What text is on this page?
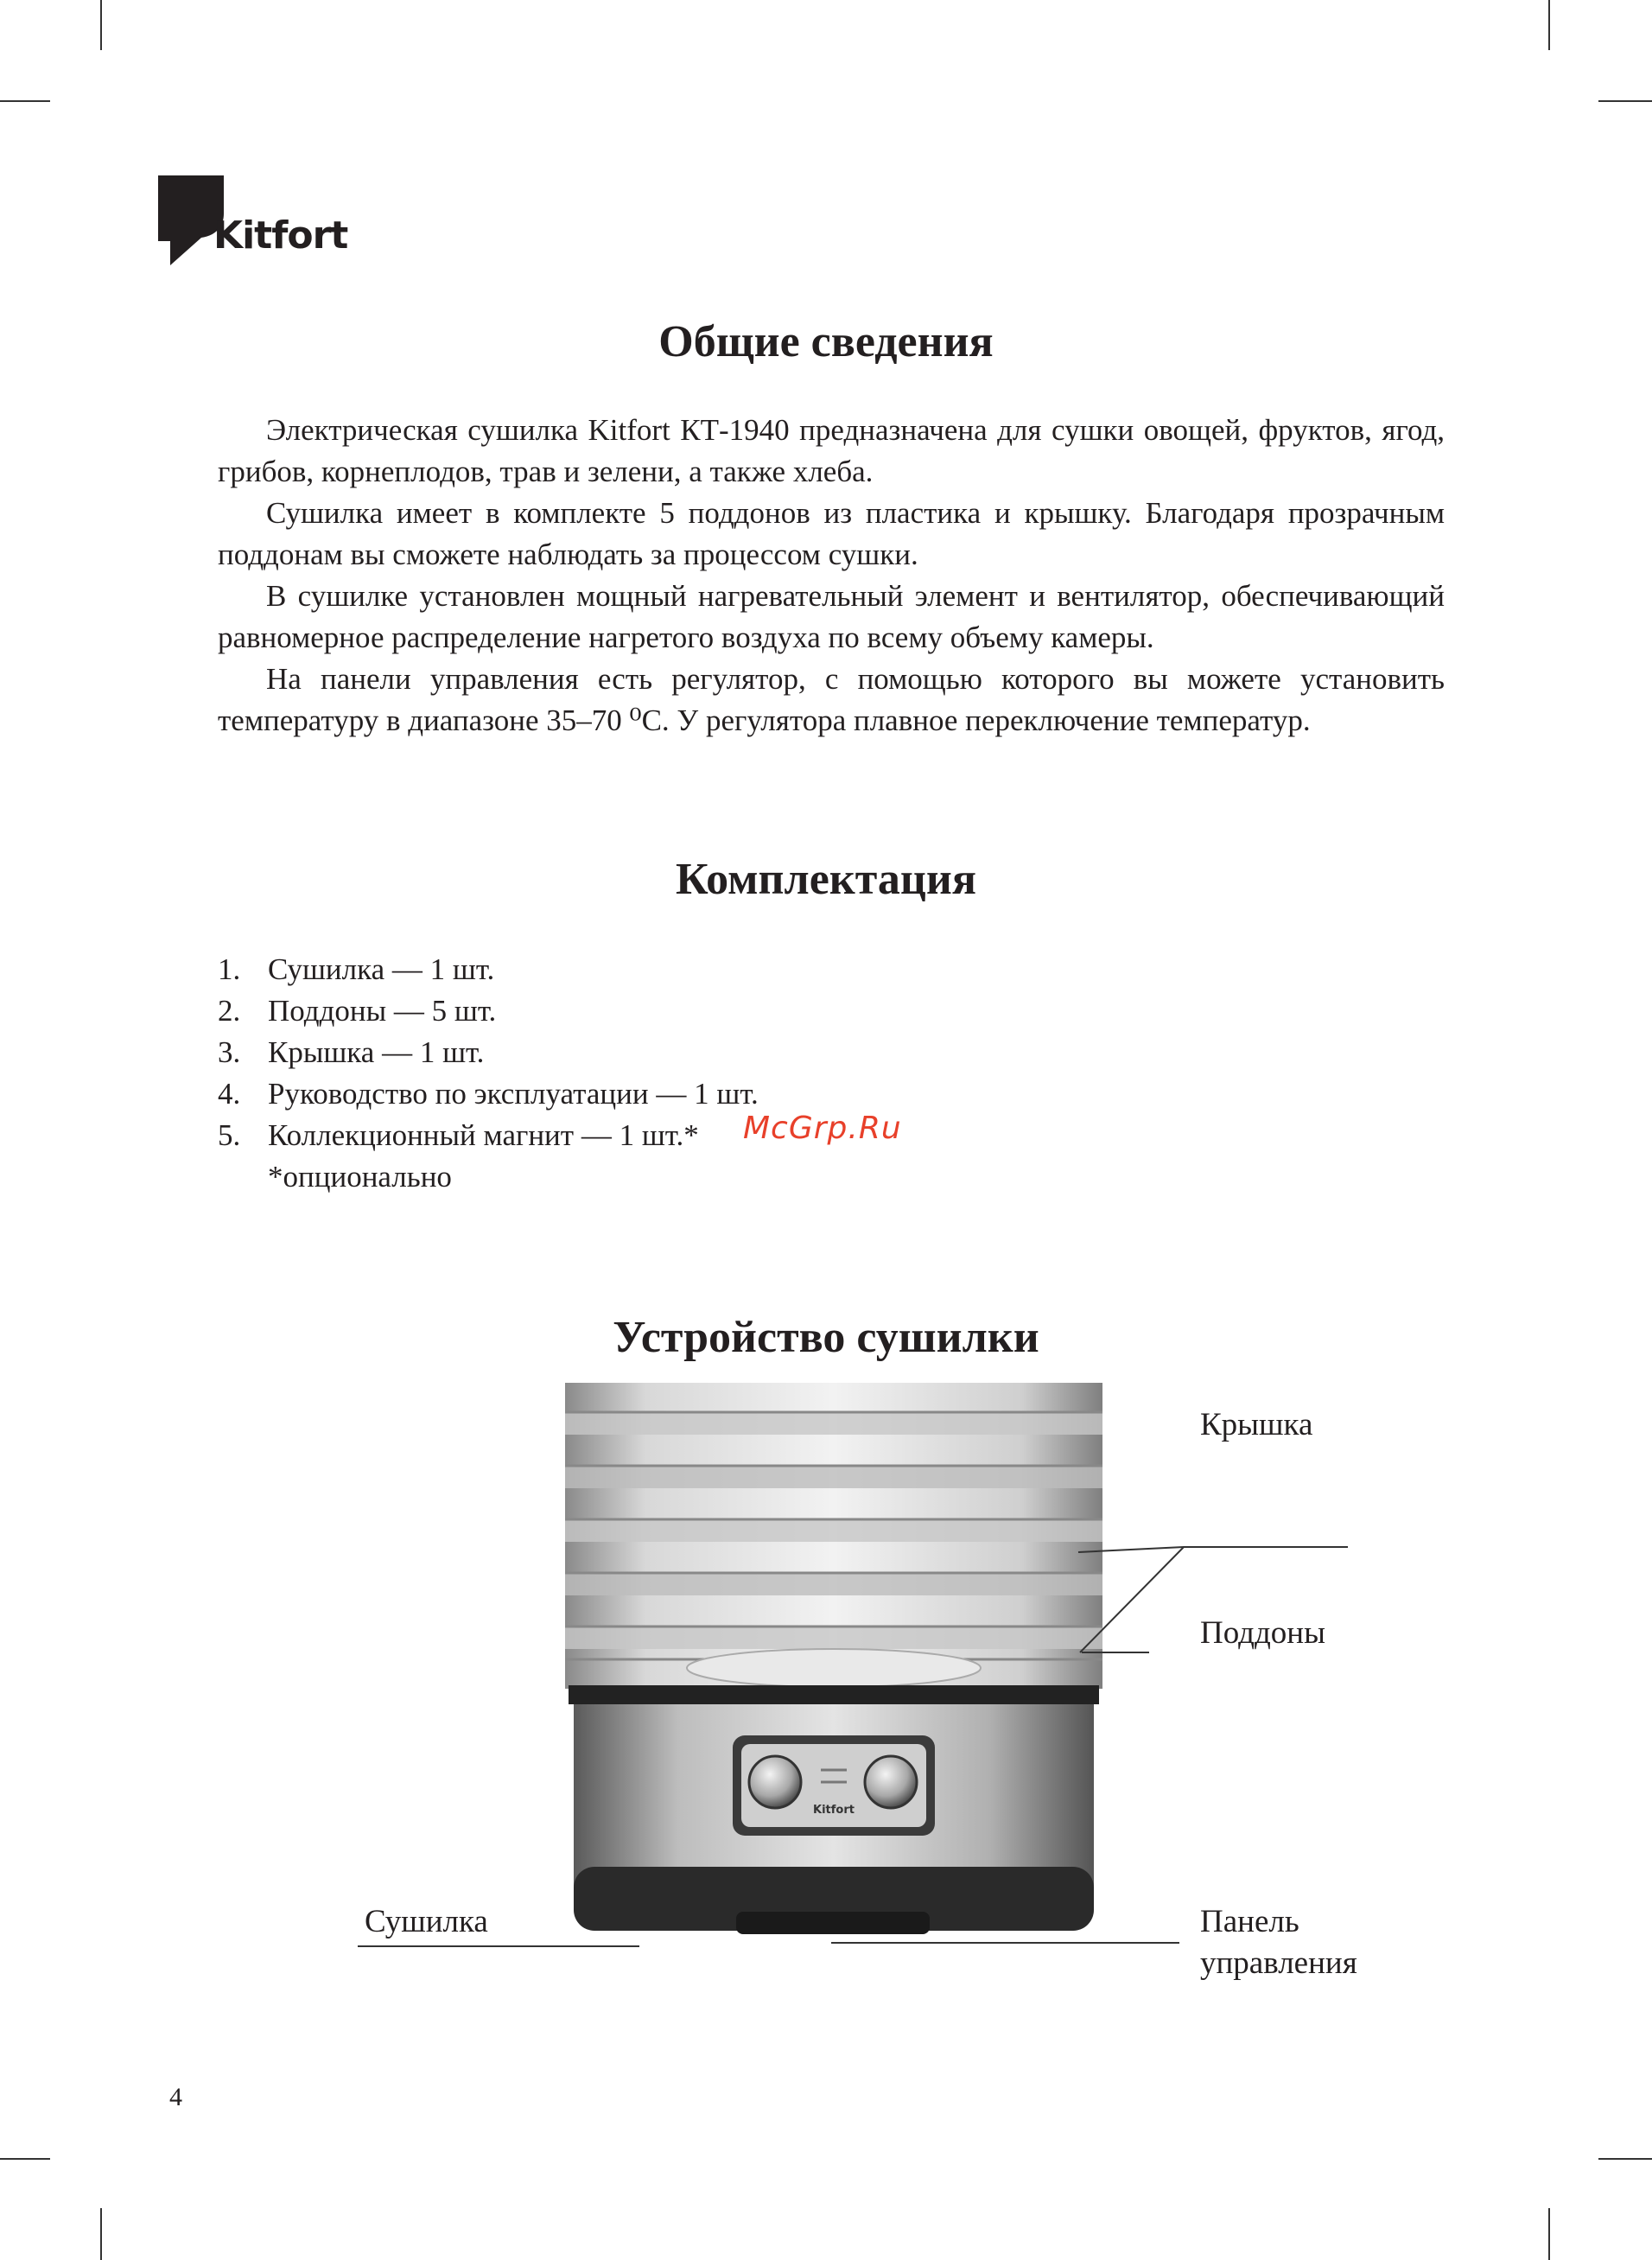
Kitfort
Общие сведения

Электрическая сушилка Kitfort КТ-1940 предназначена для сушки овощей, фруктов, ягод, грибов, корнеплодов, трав и зелени, а также хлеба.

Сушилка имеет в комплекте 5 поддонов из пластика и крышку. Благодаря прозрачным поддонам вы сможете наблюдать за процессом сушки.

В сушилке установлен мощный нагревательный элемент и вентилятор, обеспечивающий равномерное распределение нагретого воздуха по всему объему камеры.

На панели управления есть регулятор, с помощью которого вы можете установить температуру в диапазоне 35–70 ⁰С. У регулятора плавное переключение температур.

Комплектация
1. Сушилка — 1 шт.
2. Поддоны — 5 шт.
3. Крышка — 1 шт.
4. Руководство по эксплуатации — 1 шт.
5. Коллекционный магнит — 1 шт.*
*опционально
McGrp.Ru
Устройство сушилки
Kitfort
Крышка
Поддоны
Сушилка	Панель
управления
4
